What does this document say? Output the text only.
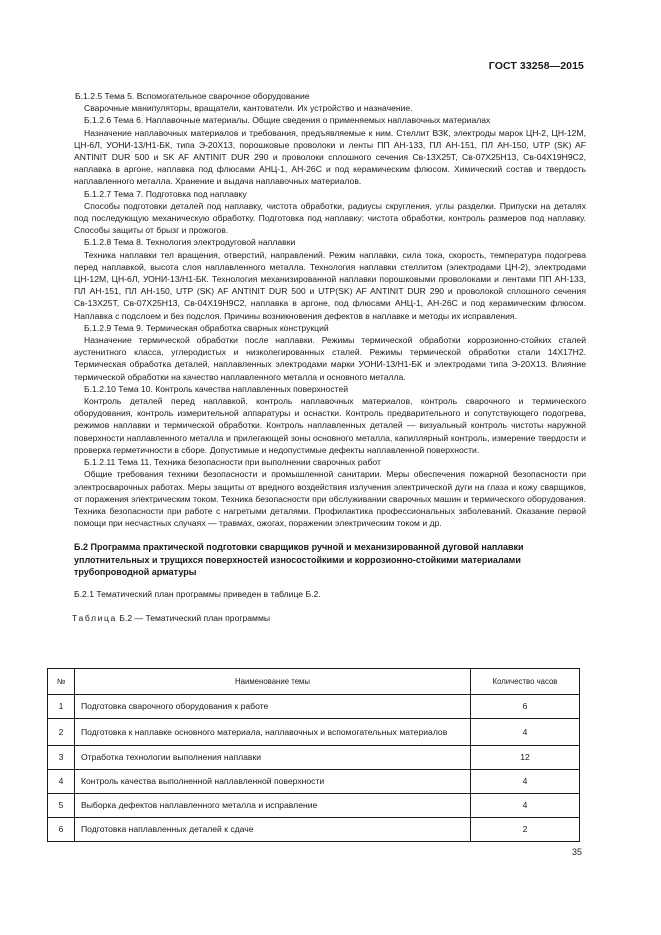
ГОСТ 33258—2015

Б.1.2.5 Тема 5. Вспомогательное сварочное оборудование

Сварочные манипуляторы, вращатели, кантователи. Их устройство и назначение.

Б.1.2.6 Тема 6. Наплавочные материалы. Общие сведения о применяемых наплавочных материалах

Назначение наплавочных материалов и требования, предъявляемые к ним. Стеллит ВЗК, электроды марок ЦН-2, ЦН-12М, ЦН-6Л, УОНИ-13/Н1-БК, типа Э-20Х13, порошковые проволоки и ленты ПП АН-133, ПЛ АН-151, ПЛ АН-150, UTP (SK) AF ANTINIT DUR 500 и SK AF ANTINIT DUR 290 и проволоки сплошного сечения Св-13Х25Т, Св-07Х25Н13, Св-04Х19Н9С2, наплавка в аргоне, наплавка под флюсами АНЦ-1, АН-26С и под керамическим флюсом. Химический состав и твердость наплавленного металла. Хранение и выдача наплавочных материалов.

Б.1.2.7 Тема 7. Подготовка под наплавку

Способы подготовки деталей под наплавку, чистота обработки, радиусы скругления, углы разделки. Припуски на деталях под последующую механическую обработку. Подготовка под наплавку: чистота обработки, контроль размеров под наплавку. Способы защиты от брызг и прожогов.

Б.1.2.8 Тема 8. Технология электродуговой наплавки

Техника наплавки тел вращения, отверстий, направлений. Режим наплавки, сила тока, скорость, температура подогрева перед наплавкой, высота слоя наплавленного металла. Технология наплавки стеллитом (электродами ЦН-2), электродами ЦН-12М, ЦН-6Л, УОНИ-13/Н1-БК. Технология механизированной наплавки порошковыми проволоками и лентами ПП АН-133, ПЛ АН-151, ПЛ АН-150, UTP (SK) AF ANTINIT DUR 500 и UTP(SK) AF ANTINIT DUR 290 и проволокой сплошного сечения Св-13Х25Т, Св-07Х25Н13, Св-04Х19Н9С2, наплавка в аргоне, под флюсами АНЦ-1, АН-26С и под керамическим флюсом. Наплавка с подслоем и без подслоя. Причины возникновения дефектов в наплавке и методы их исправления.

Б.1.2.9 Тема 9. Термическая обработка сварных конструкций

Назначение термической обработки после наплавки. Режимы термической обработки коррозионно-стойких сталей аустенитного класса, углеродистых и низколегированных сталей. Режимы термической обработки стали 14Х17Н2. Термическая обработка деталей, наплавленных электродами марки УОНИ-13/Н1-БК и электродами типа Э-20Х13. Влияние термической обработки на качество наплавленного металла и основного металла.

Б.1.2.10 Тема 10. Контроль качества наплавленных поверхностей

Контроль деталей перед наплавкой, контроль наплавочных материалов, контроль сварочного и термического оборудования, контроль измерительной аппаратуры и оснастки. Контроль предварительного и сопутствующего подогрева, режимов наплавки и термической обработки. Контроль наплавленных деталей — визуальный контроль чистоты наружной поверхности наплавленного металла и прилегающей зоны основного металла, капиллярный контроль, измерение твердости и проверка герметичности в сборе. Допустимые и недопустимые дефекты наплавленной поверхности.

Б.1.2.11 Тема 11. Техника безопасности при выполнении сварочных работ

Общие требования техники безопасности и промышленной санитарии. Меры обеспечения пожарной безопасности при электросварочных работах. Меры защиты от вредного воздействия излучения электрической дуги на глаза и кожу сварщиков, от поражения электрическим током. Техника безопасности при обслуживании сварочных машин и термического оборудования. Техника безопасности при работе с нагретыми деталями. Профилактика профессиональных заболеваний. Оказание первой помощи при несчастных случаях — травмах, ожогах, поражении электрическим током и др.

Б.2 Программа практической подготовки сварщиков ручной и механизированной дуговой наплавки уплотнительных и трущихся поверхностей износостойкими и коррозионно-стойкими материалами трубопроводной арматуры

Б.2.1 Тематический план программы приведен в таблице Б.2.

Таблица Б.2 — Тематический план программы

№	Наименование темы	Количество часов
1	Подготовка сварочного оборудования к работе	6
2	Подготовка к наплавке основного материала, наплавочных и вспомогательных материалов	4
3	Отработка технологии выполнения наплавки	12
4	Контроль качества выполненной наплавленной поверхности	4
5	Выборка дефектов наплавленного металла и исправление	4
6	Подготовка наплавленных деталей к сдаче	2
35
